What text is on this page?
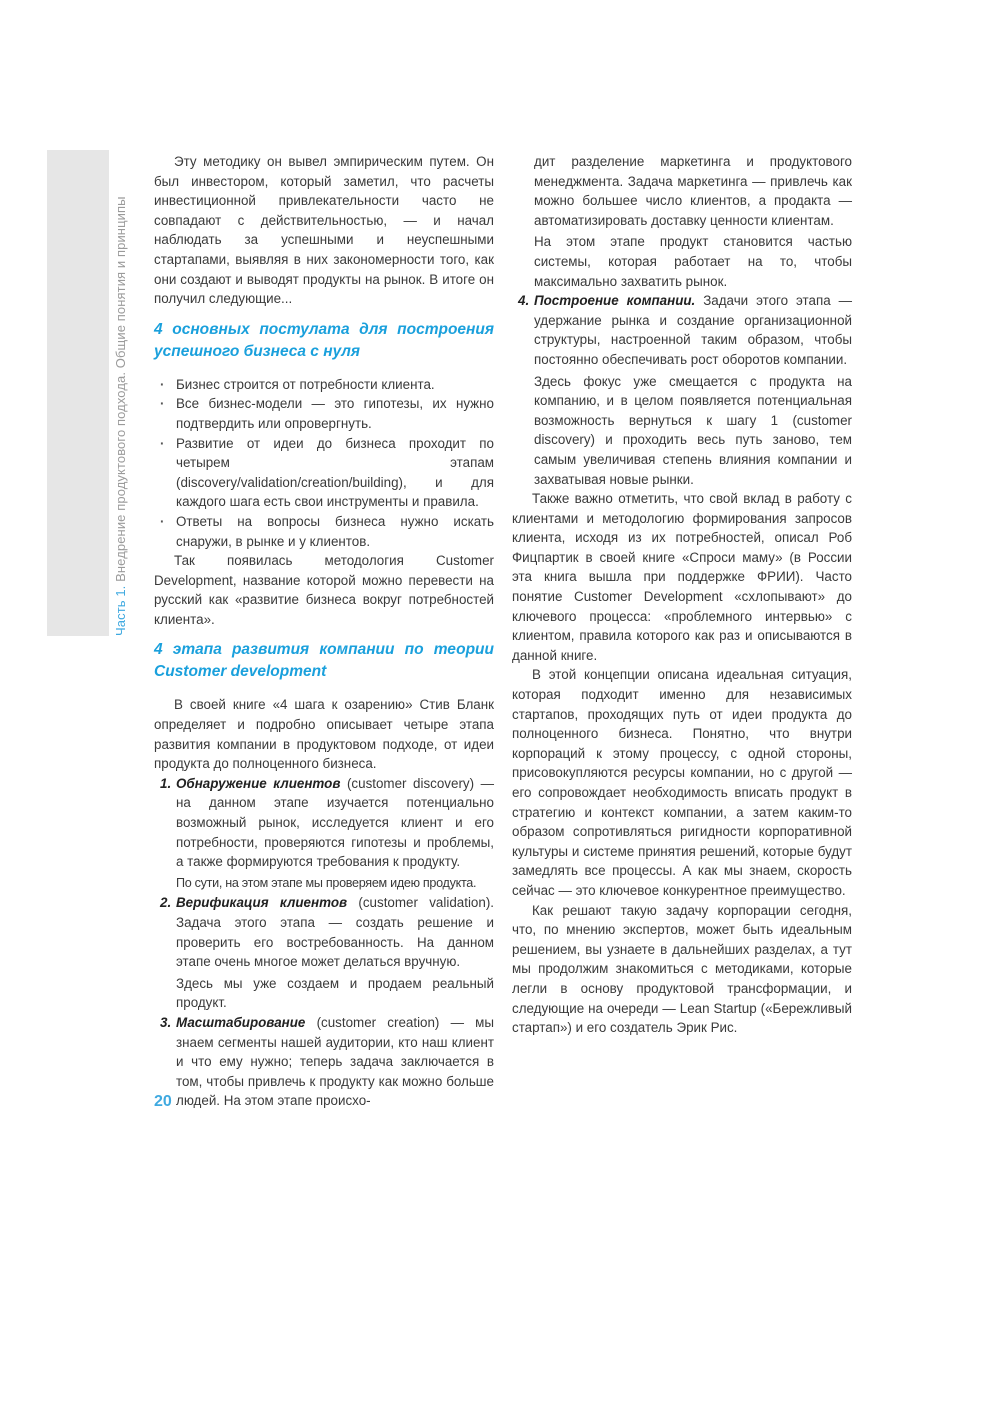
Часть 1. Внедрение продуктового подхода. Общие понятия и принципы

Эту методику он вывел эмпирическим путем. Он был инвестором, который заметил, что расчеты инвестиционной привлекательности часто не совпадают с действительностью, — и начал наблюдать за успешными и неуспешными стартапами, выявляя в них закономерности того, как они создают и выводят продукты на рынок. В итоге он получил следующие...

4 основных постулата для построения успешного бизнеса с нуля
· Бизнес строится от потребности клиента.
· Все бизнес-модели — это гипотезы, их нужно подтвердить или опровергнуть.
· Развитие от идеи до бизнеса проходит по четырем этапам (discovery/validation/creation/building), и для каждого шага есть свои инструменты и правила.
· Ответы на вопросы бизнеса нужно искать снаружи, в рынке и у клиентов.

Так появилась методология Customer Development, название которой можно перевести на русский как «развитие бизнеса вокруг потребностей клиента».

4 этапа развития компании по теории Customer development

В своей книге «4 шага к озарению» Стив Бланк определяет и подробно описывает четыре этапа развития компании в продуктовом подходе, от идеи продукта до полноценного бизнеса.

1. Обнаружение клиентов (customer discovery) — на данном этапе изучается потенциально возможный рынок, исследуется клиент и его потребности, проверяются гипотезы и проблемы, а также формируются требования к продукту.

По сути, на этом этапе мы проверяем идею продукта.

2. Верификация клиентов (customer validation). Задача этого этапа — создать решение и проверить его востребованность. На данном этапе очень многое может делаться вручную.

Здесь мы уже создаем и продаем реальный продукт.

3. Масштабирование (customer creation) — мы знаем сегменты нашей аудитории, кто наш клиент и что ему нужно; теперь задача заключается в том, чтобы привлечь к продукту как можно больше людей. На этом этапе происхо-

дит разделение маркетинга и продуктового менеджмента. Задача маркетинга — привлечь как можно большее число клиентов, а продакта — автоматизировать доставку ценности клиентам.

На этом этапе продукт становится частью системы, которая работает на то, чтобы максимально захватить рынок.

4. Построение компании. Задачи этого этапа — удержание рынка и создание организационной структуры, настроенной таким образом, чтобы постоянно обеспечивать рост оборотов компании.

Здесь фокус уже смещается с продукта на компанию, и в целом появляется потенциальная возможность вернуться к шагу 1 (customer discovery) и проходить весь путь заново, тем самым увеличивая степень влияния компании и захватывая новые рынки.

Также важно отметить, что свой вклад в работу с клиентами и методологию формирования запросов клиента, исходя из их потребностей, описал Роб Фицпартик в своей книге «Спроси маму» (в России эта книга вышла при поддержке ФРИИ). Часто понятие Customer Development «схлопывают» до ключевого процесса: «проблемного интервью» с клиентом, правила которого как раз и описываются в данной книге.

В этой концепции описана идеальная ситуация, которая подходит именно для независимых стартапов, проходящих путь от идеи продукта до полноценного бизнеса. Понятно, что внутри корпораций к этому процессу, с одной стороны, присовокупляются ресурсы компании, но с другой — его сопровождает необходимость вписать продукт в стратегию и контекст компании, а затем каким-то образом сопротивляться ригидности корпоративной культуры и системе принятия решений, которые будут замедлять все процессы. А как мы знаем, скорость сейчас — это ключевое конкурентное преимущество.

Как решают такую задачу корпорации сегодня, что, по мнению экспертов, может быть идеальным решением, вы узнаете в дальнейших разделах, а тут мы продолжим знакомиться с методиками, которые легли в основу продуктовой трансформации, и следующие на очереди — Lean Startup («Бережливый стартап») и его создатель Эрик Рис.

20
